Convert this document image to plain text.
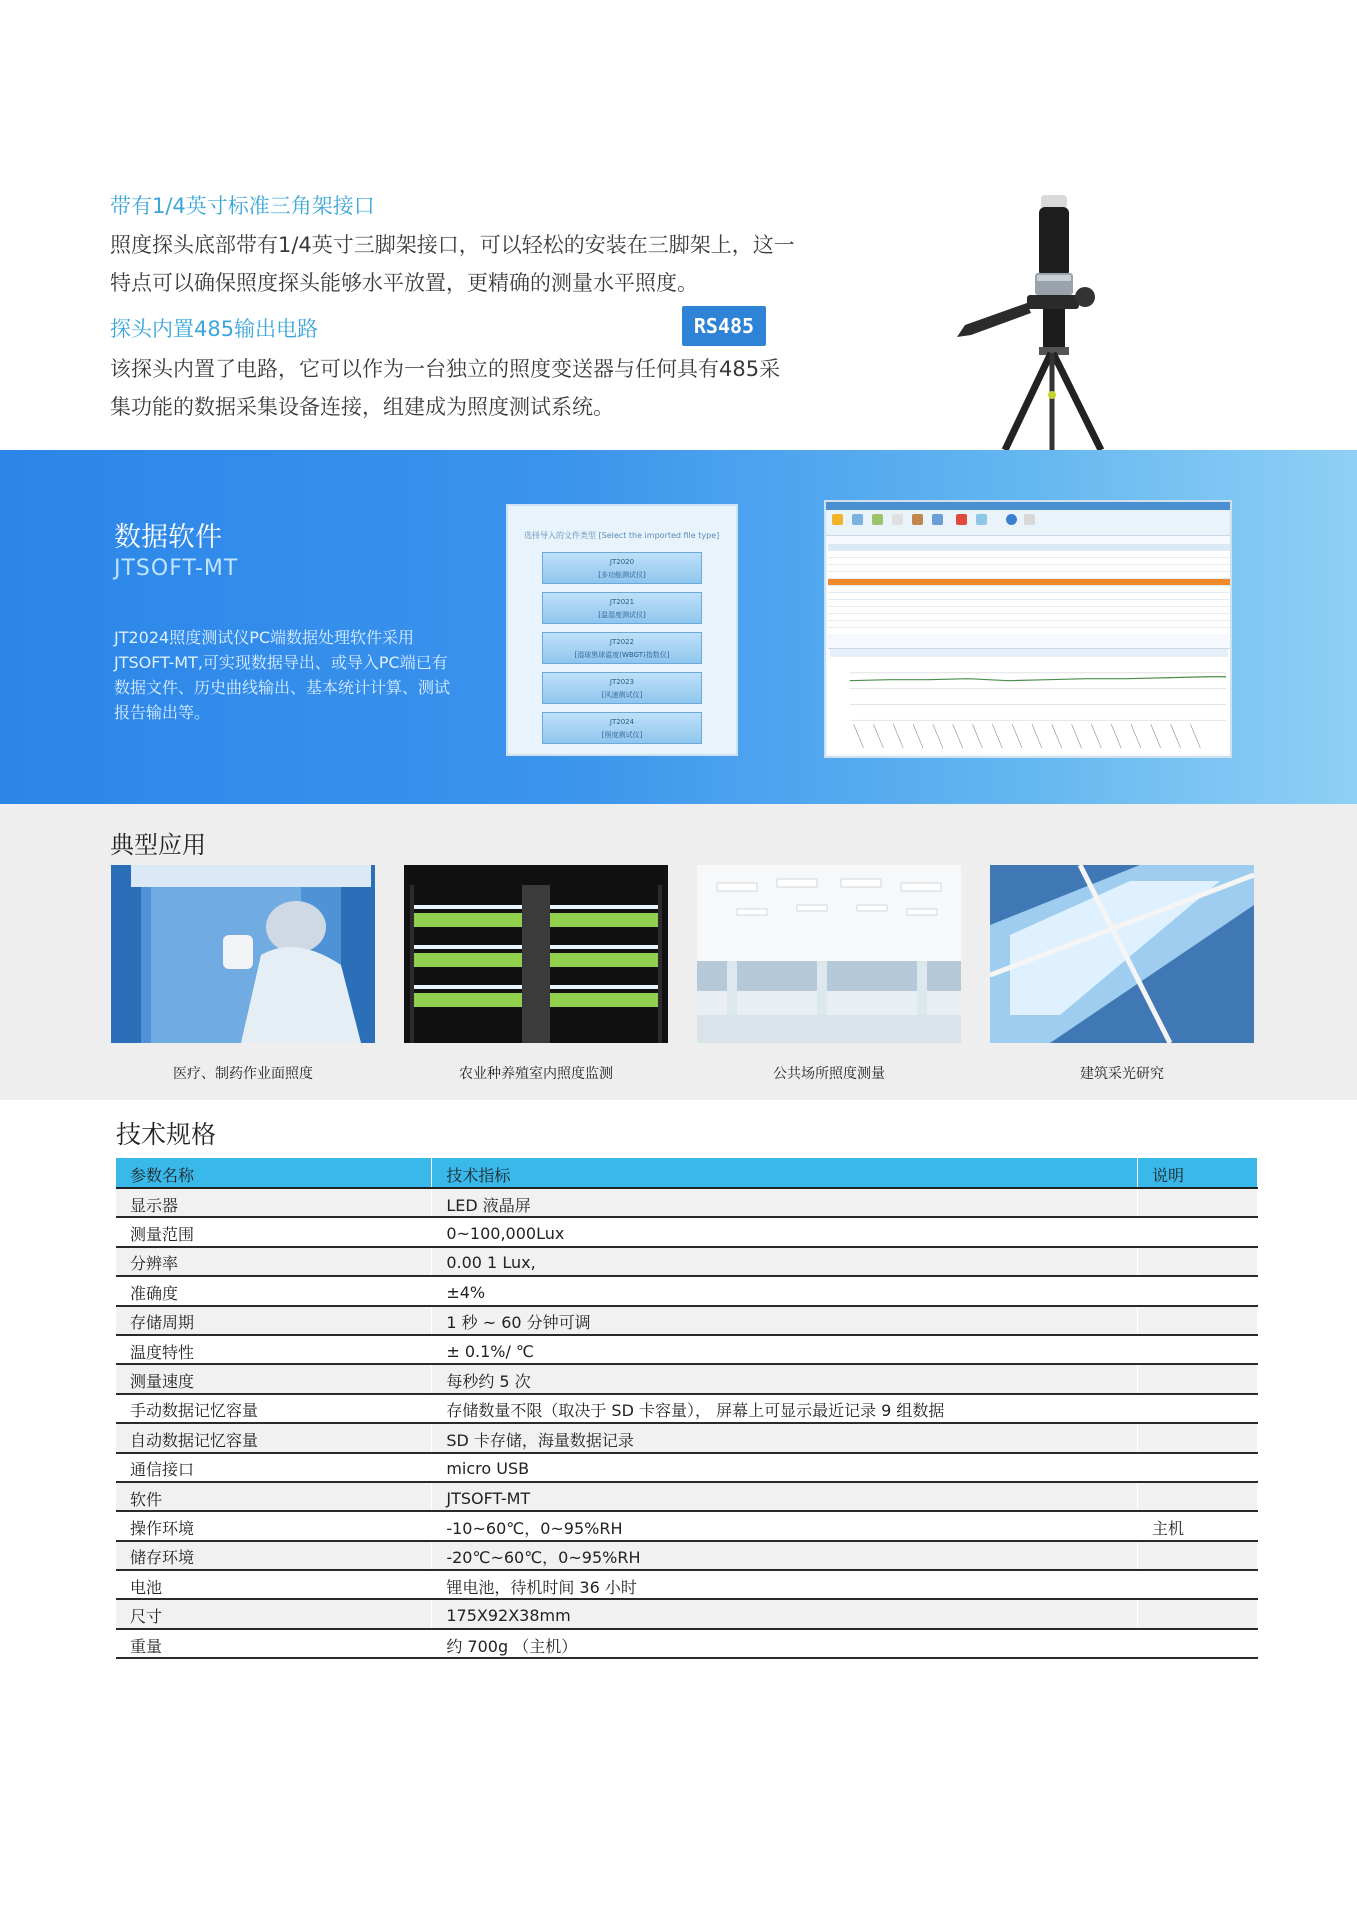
带有1/4英寸标准三角架接口
照度探头底部带有1/4英寸三脚架接口，可以轻松的安装在三脚架上，这一特点可以确保照度探头能够水平放置，更精确的测量水平照度。
探头内置485输出电路	RS485
该探头内置了电路，它可以作为一台独立的照度变送器与任何具有485采集功能的数据采集设备连接，组建成为照度测试系统。
数据软件
JTSOFT-MT
JT2024照度测试仪PC端数据处理软件采用JTSOFT-MT,可实现数据导出、或导入PC端已有数据文件、历史曲线输出、基本统计计算、测试报告输出等。
选择导入的文件类型 [Select the imported file type]
JT2020
[多功能测试仪]
JT2021
[温湿度测试仪]
JT2022
[湿球黑球温度(WBGT)指数仪]
JT2023
[风速测试仪]
JT2024
[照度测试仪]
典型应用
医疗、制药作业面照度	农业种养殖室内照度监测	公共场所照度测量	建筑采光研究
技术规格
参数名称	技术指标	说明
显示器	LED 液晶屏	
测量范围	0~100,000Lux	
分辨率	0.00 1 Lux,	
准确度	±4%	
存储周期	1 秒 ~ 60 分钟可调	
温度特性	± 0.1%/ ℃	
测量速度	每秒约 5 次	
手动数据记忆容量	存储数量不限（取决于 SD 卡容量）， 屏幕上可显示最近记录 9 组数据	
自动数据记忆容量	SD 卡存储，海量数据记录	
通信接口	micro USB	
软件	JTSOFT-MT	
操作环境	-10~60℃，0~95%RH	主机
储存环境	-20℃~60℃，0~95%RH	
电池	锂电池，待机时间 36 小时	
尺寸	175X92X38mm	
重量	约 700g （主机）	
